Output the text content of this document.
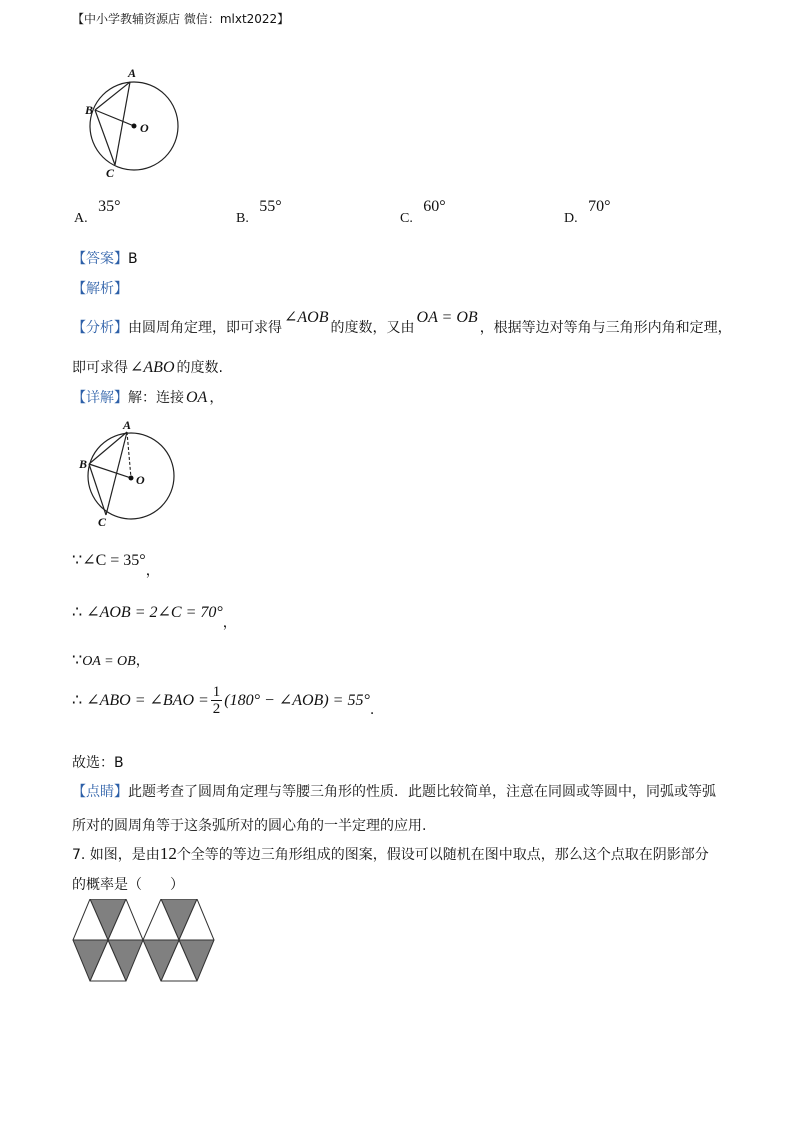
【中小学教辅资源店 微信：mlxt2022】
A
B
O
C
A. 35°
B. 55°
C. 60°
D. 70°
【答案】B
【解析】
【分析】由圆周角定理，即可求得∠AOB的度数，又由OA = OB，根据等边对等角与三角形内角和定理，
即可求得 ∠ABO 的度数.
【详解】解：连接 OA ，
A
B
O
C
∵∠C = 35°，
∴ ∠AOB = 2∠C = 70°，
∵OA = OB，
∴ ∠ABO = ∠BAO = $\frac{1}{2} (180^\circ$ − ∠AOB) = 55°
.
故选：B
【点睛】此题考查了圆周角定理与等腰三角形的性质．此题比较简单，注意在同圆或等圆中，同弧或等弧
所对的圆周角等于这条弧所对的圆心角的一半定理的应用.
7. 如图，是由12个全等的等边三角形组成的图案，假设可以随机在图中取点，那么这个点取在阴影部分
的概率是（　　）
